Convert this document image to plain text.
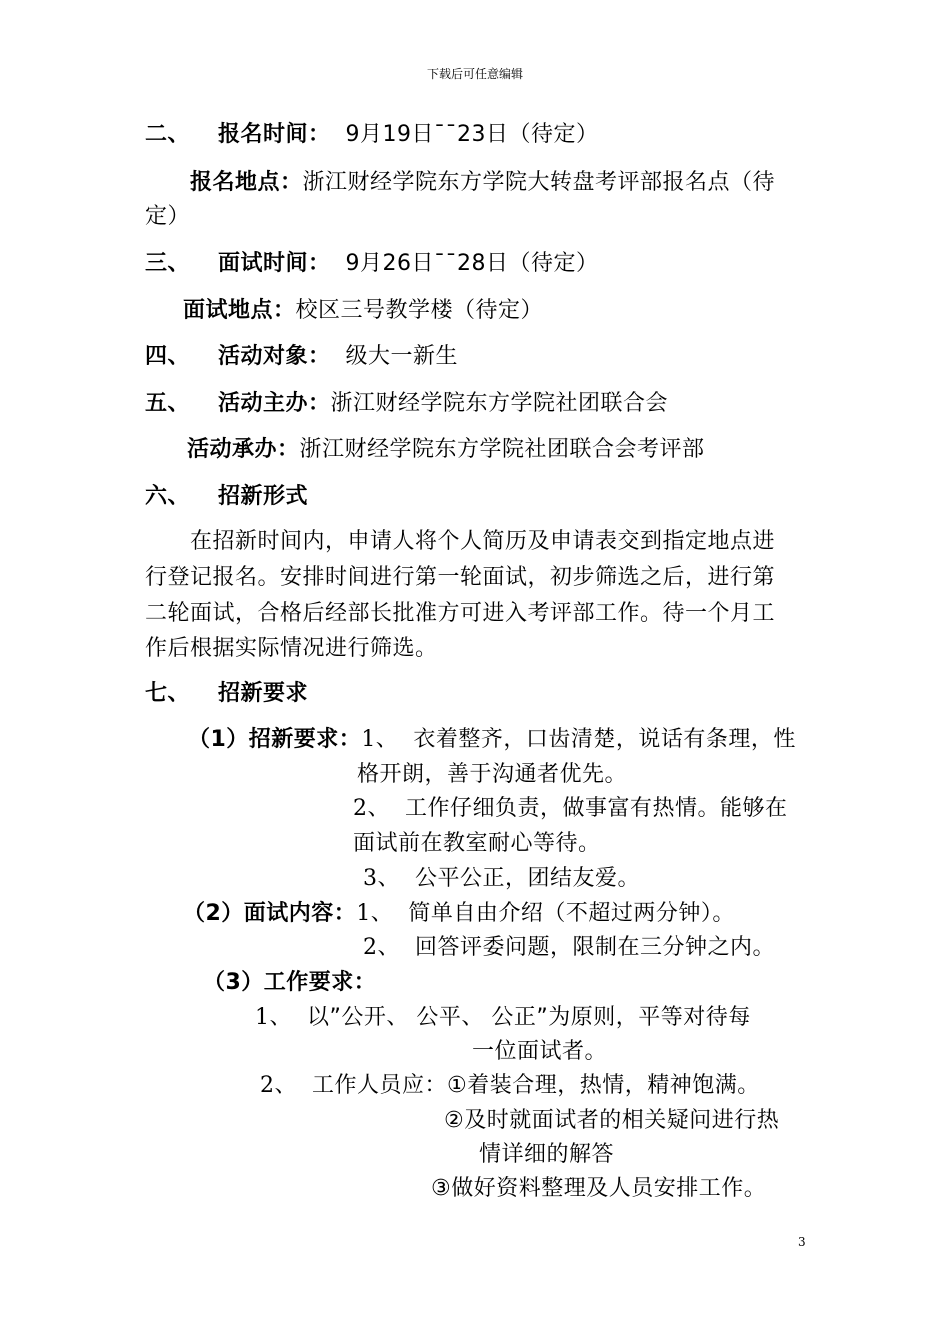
下载后可任意编辑
二、 报名时间： 9月19日¯¯23日（待定）
报名地点：浙江财经学院东方学院大转盘考评部报名点（待
定）
三、 面试时间： 9月26日¯¯28日（待定）
面试地点：校区三号教学楼（待定）
四、 活动对象： 级大一新生
五、 活动主办：浙江财经学院东方学院社团联合会
活动承办：浙江财经学院东方学院社团联合会考评部
六、 招新形式
在招新时间内，申请人将个人简历及申请表交到指定地点进
行登记报名。安排时间进行第一轮面试，初步筛选之后，进行第
二轮面试，合格后经部长批准方可进入考评部工作。待一个月工
作后根据实际情况进行筛选。
七、 招新要求
（1）招新要求：1、 衣着整齐，口齿清楚，说话有条理，性
格开朗，善于沟通者优先。
2、 工作仔细负责，做事富有热情。能够在
面试前在教室耐心等待。
3、 公平公正，团结友爱。
（2）面试内容：1、 简单自由介绍（不超过两分钟）。
2、 回答评委问题，限制在三分钟之内。
（3）工作要求：
1、 以”公开、 公平、 公正”为原则，平等对待每
一位面试者。
2、 工作人员应：①着装合理，热情，精神饱满。
②及时就面试者的相关疑问进行热
情详细的解答
③做好资料整理及人员安排工作。
3
